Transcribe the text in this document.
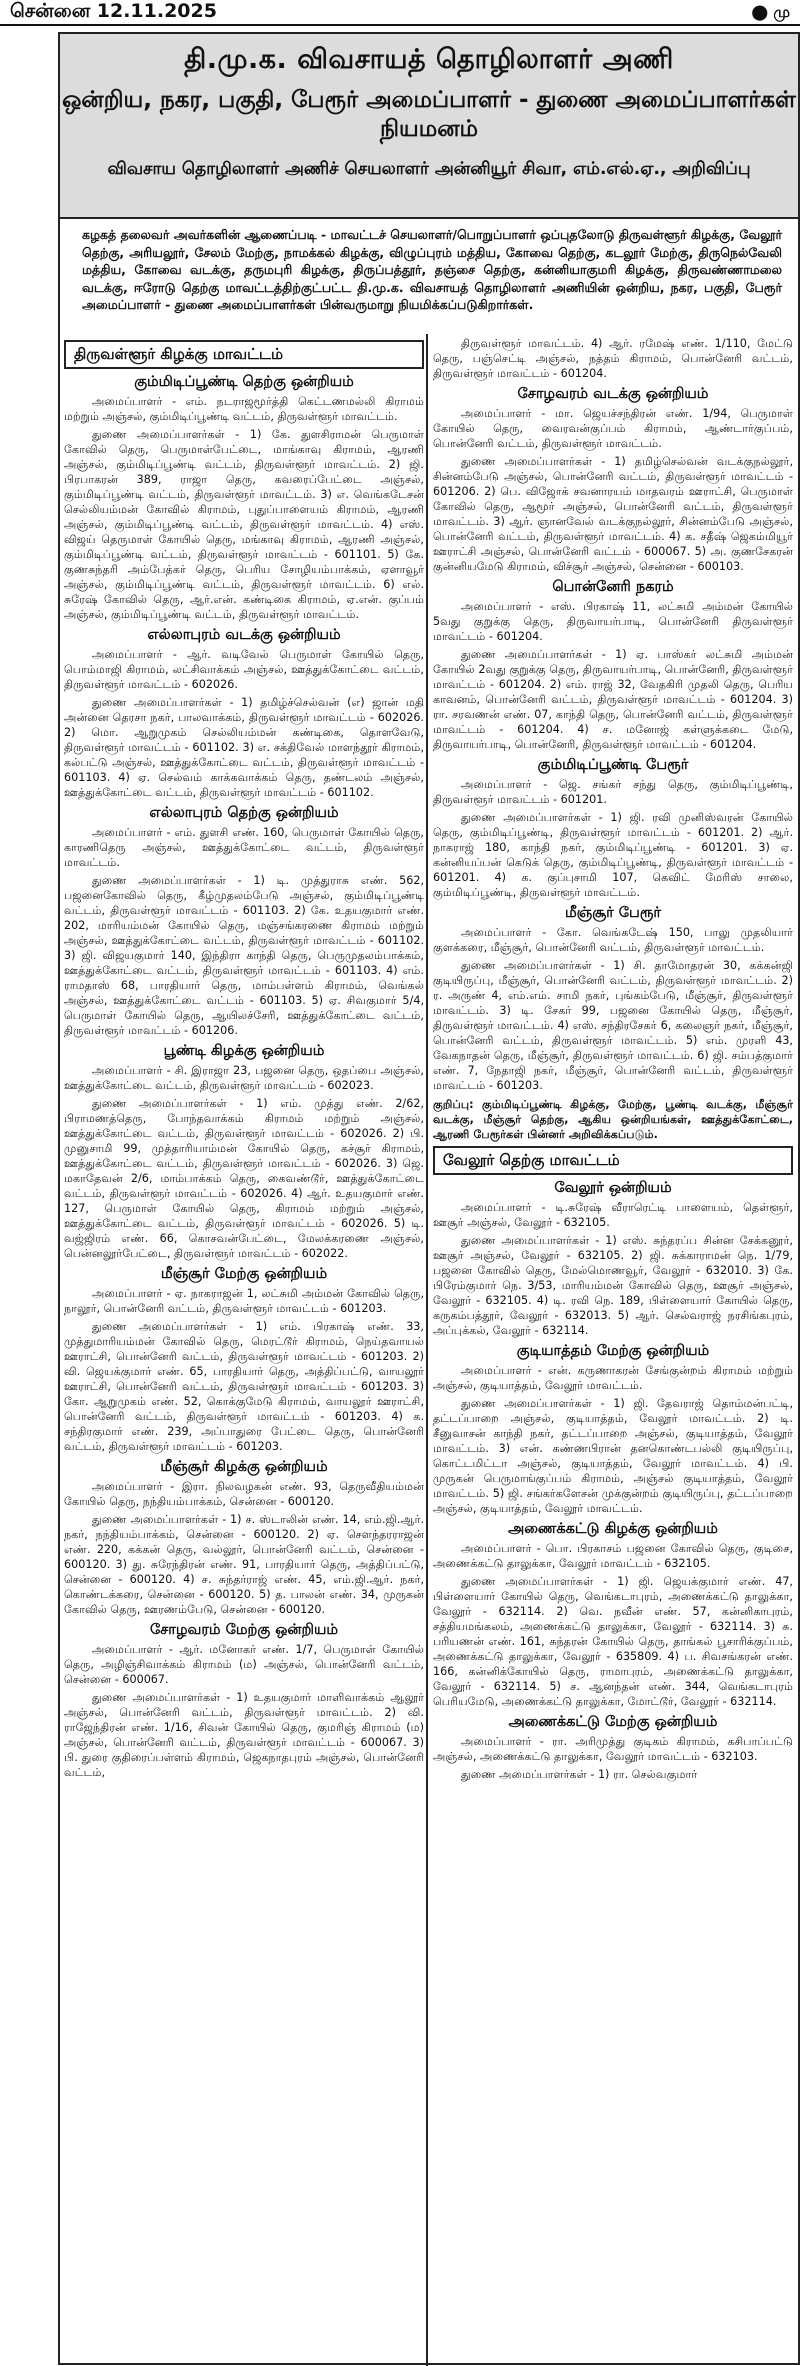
சென்னை 12.11.2025	⬤ மு
தி.மு.க. விவசாயத் தொழிலாளர் அணி
ஒன்றிய, நகர, பகுதி, பேரூர் அமைப்பாளர் - துணை அமைப்பாளர்கள் நியமனம்
விவசாய தொழிலாளர் அணிச் செயலாளர் அன்னியூர் சிவா, எம்.எல்.ஏ., அறிவிப்பு
கழகத் தலைவர் அவர்களின் ஆணைப்படி - மாவட்டச் செயலாளர்/பொறுப்பாளர் ஒப்புதலோடு திருவள்ளூர் கிழக்கு, வேலூர் தெற்கு, அரியலூர், சேலம் மேற்கு, நாமக்கல் கிழக்கு, விழுப்புரம் மத்திய, கோவை தெற்கு, கடலூர் மேற்கு, திருநெல்வேலி மத்திய, கோவை வடக்கு, தருமபுரி கிழக்கு, திருப்பத்தூர், தஞ்சை தெற்கு, கன்னியாகுமரி கிழக்கு, திருவண்ணாமலை வடக்கு, ஈரோடு தெற்கு மாவட்டத்திற்குட்பட்ட தி.மு.க. விவசாயத் தொழிலாளர் அணியின் ஒன்றிய, நகர, பகுதி, பேரூர் அமைப்பாளர் - துணை அமைப்பாளர்கள் பின்வருமாறு நியமிக்கப்படுகிறார்கள்.
திருவள்ளூர் கிழக்கு மாவட்டம்
கும்மிடிப்பூண்டி தெற்கு ஒன்றியம்

அமைப்பாளர் - எம். நடராஜமூர்த்தி கெட்டணமல்லி கிராமம் மற்றும் அஞ்சல், கும்மிடிப்பூண்டி வட்டம், திருவள்ளூர் மாவட்டம்.

துணை அமைப்பாளர்கள் - 1) கே. துளசிராமன் பெருமாள் கோவில் தெரு, பெருமாள்பேட்டை, மாங்காவு கிராமம், ஆரணி அஞ்சல், கும்மிடிப்பூண்டி வட்டம், திருவள்ளூர் மாவட்டம். 2) ஜி. பிரபாகரன் 389, ராஜா தெரு, கவரைப்பேட்டை அஞ்சல், கும்மிடிப்பூண்டி வட்டம், திருவள்ளூர் மாவட்டம். 3) எ. வெங்கடேசன் செல்லியம்மன் கோவில் கிராமம், புதுப்பாளையம் கிராமம், ஆரணி அஞ்சல், கும்மிடிப்பூண்டி வட்டம், திருவள்ளூர் மாவட்டம். 4) எஸ். விஜய் தெருமாள் கோயில் தெரு, மங்காவு கிராமம், ஆரணி அஞ்சல், கும்மிடிப்பூண்டி வட்டம், திருவள்ளூர் மாவட்டம் - 601101. 5) கே. குணசுந்தரி அம்பேத்கர் தெரு, பெரிய சோழியம்பாக்கம், ஏளாவூர் அஞ்சல், கும்மிடிப்பூண்டி வட்டம், திருவள்ளூர் மாவட்டம். 6) எல். சுரேஷ் கோவில் தெரு, ஆர்.என். கண்டிகை கிராமம், ஏ.என். குப்பம் அஞ்சல், கும்மிடிப்பூண்டி வட்டம், திருவள்ளூர் மாவட்டம்.

எல்லாபுரம் வடக்கு ஒன்றியம்

அமைப்பாளர் - ஆர். வடிவேல் பெருமாள் கோயில் தெரு, பொம்மாஜி கிராமம், லட்சிவாக்கம் அஞ்சல், ஊத்துக்கோட்டை வட்டம், திருவள்ளூர் மாவட்டம் - 602026.

துணை அமைப்பாளர்கள் - 1) தமிழ்ச்செல்வன் (எ) ஜான் மதி அன்னை தெரசா நகர், பாலவாக்கம், திருவள்ளூர் மாவட்டம் - 602026. 2) மொ. ஆறுமுகம் செல்லியம்மன் கண்டிகை, தொளவேடு, திருவள்ளூர் மாவட்டம் - 601102. 3) எ. சக்திவேல் மாளந்தூர் கிராமம், கல்பட்டு அஞ்சல், ஊத்துக்கோட்டை வட்டம், திருவள்ளூர் மாவட்டம் - 601103. 4) ஏ. செல்வம் காக்கவாக்கம் தெரு, தண்டலம் அஞ்சல், ஊத்துக்கோட்டை வட்டம், திருவள்ளூர் மாவட்டம் - 601102.

எல்லாபுரம் தெற்கு ஒன்றியம்

அமைப்பாளர் - எம். துளசி எண். 160, பெருமாள் கோயில் தெரு, காரணிதெரு அஞ்சல், ஊத்துக்கோட்டை வட்டம், திருவள்ளூர் மாவட்டம்.

துணை அமைப்பாளர்கள் - 1) டி. முத்துராசு எண். 562, பஜனைகோவில் தெரு, கீழ்முதலம்பேடு அஞ்சல், கும்மிடிப்பூண்டி வட்டம், திருவள்ளூர் மாவட்டம் - 601103. 2) கே. உதயகுமார் எண். 202, மாரியம்மன் கோயில் தெரு, மஞ்சங்கரணை கிராமம் மற்றும் அஞ்சல், ஊத்துக்கோட்டை வட்டம், திருவள்ளூர் மாவட்டம் - 601102. 3) ஜி. விஜயகுமார் 140, இந்திரா காந்தி தெரு, பெருமுதலம்பாக்கம், ஊத்துக்கோட்டை வட்டம், திருவள்ளூர் மாவட்டம் - 601103. 4) எம். ராமதாஸ் 68, பாரதியார் தெரு, மாம்பள்ளம் கிராமம், வெங்கல் அஞ்சல், ஊத்துக்கோட்டை வட்டம் - 601103. 5) ஏ. சிவகுமார் 5/4, பெருமாள் கோயில் தெரு, ஆயிலச்சேரி, ஊத்துக்கோட்டை வட்டம், திருவள்ளூர் மாவட்டம் - 601206.

பூண்டி கிழக்கு ஒன்றியம்

அமைப்பாளர் - சி. இராஜா 23, பஜனை தெரு, ஒதப்பை அஞ்சல், ஊத்துக்கோட்டை வட்டம், திருவள்ளூர் மாவட்டம் - 602023.

துணை அமைப்பாளர்கள் - 1) எம். முத்து எண். 2/62, பிராமணத்தெரு, போந்தவாக்கம் கிராமம் மற்றும் அஞ்சல், ஊத்துக்கோட்டை வட்டம், திருவள்ளூர் மாவட்டம் - 602026. 2) பி. முனுசாமி 99, முத்தாரியாம்மன் கோயில் தெரு, கச்சூர் கிராமம், ஊத்துக்கோட்டை வட்டம், திருவள்ளூர் மாவட்டம் - 602026. 3) ஜெ. மகாதேவன் 2/6, மாம்பாக்கம் தெரு, கைவண்டூர், ஊத்துக்கோட்டை வட்டம், திருவள்ளூர் மாவட்டம் - 602026. 4) ஆர். உதயகுமார் எண். 127, பெருமாள் கோயில் தெரு, கிராமம் மற்றும் அஞ்சல், ஊத்துக்கோட்டை வட்டம், திருவள்ளூர் மாவட்டம் - 602026. 5) டி. வஜ்ஜிரம் எண். 66, கொசவன்பேட்டை, மேலக்கரணை அஞ்சல், பென்னலூர்பேட்டை, திருவள்ளூர் மாவட்டம் - 602022.

மீஞ்சூர் மேற்கு ஒன்றியம்

அமைப்பாளர் - ஏ. நாகராஜன் 1, லட்சுமி அம்மன் கோவில் தெரு, நாலூர், பொன்னேரி வட்டம், திருவள்ளூர் மாவட்டம் - 601203.

துணை அமைப்பாளர்கள் - 1) எம். பிரகாஷ் எண். 33, முத்துமாரியம்மன் கோவில் தெரு, மெரட்டூர் கிராமம், நெய்தவாயல் ஊராட்சி, பொன்னேரி வட்டம், திருவள்ளூர் மாவட்டம் - 601203. 2) வி. ஜெயக்குமார் எண். 65, பாரதியார் தெரு, அத்திப்பட்டு, வாயலூர் ஊராட்சி, பொன்னேரி வட்டம், திருவள்ளூர் மாவட்டம் - 601203. 3) கோ. ஆறுமுகம் எண். 52, கொக்குமேடு கிராமம், வாயலூர் ஊராட்சி, பொன்னேரி வட்டம், திருவள்ளூர் மாவட்டம் - 601203. 4) க. சந்திரகுமார் எண். 239, அப்பாதுரை பேட்டை தெரு, பொன்னேரி வட்டம், திருவள்ளூர் மாவட்டம் - 601203.

மீஞ்சூர் கிழக்கு ஒன்றியம்

அமைப்பாளர் - இரா. நிலவழகன் எண். 93, தெருவீதியம்மன் கோயில் தெரு, நந்தியம்பாக்கம், சென்னை - 600120.

துணை அமைப்பாளர்கள் - 1) ச. ஸ்டாலின் எண். 14, எம்.ஜி.ஆர். நகர், நந்தியம்பாக்கம், சென்னை - 600120. 2) ஏ. சௌந்தரராஜன் எண். 220, கக்கன் தெரு, வல்லூர், பொன்னேரி வட்டம், சென்னை - 600120. 3) து. சுரேந்திரன் எண். 91, பாரதியார் தெரு, அத்திப்பட்டு, சென்னை - 600120. 4) ச. சுந்தர்ராஜ் எண். 45, எம்.ஜி.ஆர். நகர், கொண்டக்கரை, சென்னை - 600120. 5) த. பாலன் எண். 34, முருகன் கோவில் தெரு, ஊரணம்பேடு, சென்னை - 600120.

சோழவரம் மேற்கு ஒன்றியம்

அமைப்பாளர் - ஆர். மனோகர் எண். 1/7, பெருமாள் கோயில் தெரு, அழிஞ்சிவாக்கம் கிராமம் (ம) அஞ்சல், பொன்னேரி வட்டம், சென்னை - 600067.

துணை அமைப்பாளர்கள் - 1) உதயகுமார் மாளிவாக்கம் ஆலூர் அஞ்சல், பொன்னேரி வட்டம், திருவள்ளூர் மாவட்டம். 2) வி. ராஜேந்திரன் எண். 1/16, சிவன் கோயில் தெரு, குமரிஞ் கிராமம் (ம) அஞ்சல், பொன்னேரி வட்டம், திருவள்ளூர் மாவட்டம் - 600067. 3) பி. துரை குதிரைப்பள்ளம் கிராமம், ஜெகநாதபுரம் அஞ்சல், பொன்னேரி வட்டம்,

திருவள்ளூர் மாவட்டம். 4) ஆர். ரமேஷ் எண். 1/110, மேட்டு தெரு, பஞ்செட்டி அஞ்சல், நத்தம் கிராமம், பொன்னேரி வட்டம், திருவள்ளூர் மாவட்டம் - 601204.

சோழவரம் வடக்கு ஒன்றியம்

அமைப்பாளர் - மா. ஜெயச்சந்திரன் எண். 1/94, பெருமாள் கோயில் தெரு, வைரவன்குப்பம் கிராமம், ஆண்டார்குப்பம், பொன்னேரி வட்டம், திருவள்ளூர் மாவட்டம்.

துணை அமைப்பாளர்கள் - 1) தமிழ்செல்வன் வடக்குநல்லூர், சின்னம்பேடு அஞ்சல், பொன்னேரி வட்டம், திருவள்ளூர் மாவட்டம் - 601206. 2) பெ. விஜோக் சவனாரயம் மாதவரம் ஊராட்சி, பெருமாள் கோவில் தெரு, ஆமூர் அஞ்சல், பொன்னேரி வட்டம், திருவள்ளூர் மாவட்டம். 3) ஆர். ஞானவேல் வடக்குநல்லூர், சின்னம்பேடு அஞ்சல், பொன்னேரி வட்டம், திருவள்ளூர் மாவட்டம். 4) க. சதீஷ் ஜெகம்மியூர் ஊராட்சி அஞ்சல், பொன்னேரி வட்டம் - 600067. 5) அ. குணசேகரன் குன்னியமேடு கிராமம், விச்சூர் அஞ்சல், சென்னை - 600103.

பொன்னேரி நகரம்

அமைப்பாளர் - எஸ். பிரகாஷ் 11, லட்சுமி அம்மன் கோயில் 5வது குறுக்கு தெரு, திருவாயர்பாடி, பொன்னேரி திருவள்ளூர் மாவட்டம் - 601204.

துணை அமைப்பாளர்கள் - 1) ஏ. பாஸ்கர் லட்சுமி அம்மன் கோயில் 2வது குறுக்கு தெரு, திருவாயர்பாடி, பொன்னேரி, திருவள்ளூர் மாவட்டம் - 601204. 2) எம். ராஜ் 32, வேதகிரி முதலி தெரு, பெரிய காவனம், பொன்னேரி வட்டம், திருவள்ளூர் மாவட்டம் - 601204. 3) ரா. சரவணன் எண். 07, காந்தி தெரு, பொன்னேரி வட்டம், திருவள்ளூர் மாவட்டம் - 601204. 4) ச. மனோஜ் கள்ளுக்கடை மேடு, திருவாயர்பாடி, பொன்னேரி, திருவள்ளூர் மாவட்டம் - 601204.

கும்மிடிப்பூண்டி பேரூர்

அமைப்பாளர் - ஜெ. சங்கர் சந்து தெரு, கும்மிடிப்பூண்டி, திருவள்ளூர் மாவட்டம் - 601201.

துணை அமைப்பாளர்கள் - 1) ஜி. ரவி முனிஸ்வரன் கோயில் தெரு, கும்மிடிப்பூண்டி, திருவள்ளூர் மாவட்டம் - 601201. 2) ஆர். நாகராஜ் 180, காந்தி நகர், கும்மிடிப்பூண்டி - 601201. 3) ஏ. கன்னியப்பன் கெடுக் தெரு, கும்மிடிப்பூண்டி, திருவள்ளூர் மாவட்டம் - 601201. 4) க. குப்புசாமி 107, கெவிட் மேரிஸ் சாலை, கும்மிடிப்பூண்டி, திருவள்ளூர் மாவட்டம்.

மீஞ்சூர் பேரூர்

அமைப்பாளர் - கோ. வெங்கடேஷ் 150, பாலு முதலியார் குளக்கரை, மீஞ்சூர், பொன்னேரி வட்டம், திருவள்ளூர் மாவட்டம்.

துணை அமைப்பாளர்கள் - 1) சி. தாமோதரன் 30, கக்கன்ஜி குடியிருப்பு, மீஞ்சூர், பொன்னேரி வட்டம், திருவள்ளூர் மாவட்டம். 2) ர. அருண் 4, எம்.எம். சாமி நகர், புங்கம்பேடு, மீஞ்சூர், திருவள்ளூர் மாவட்டம். 3) டி. சேகர் 99, பஜனை கோயில் தெரு, மீஞ்சூர், திருவள்ளூர் மாவட்டம். 4) எஸ். சந்திரசேகர் 6, கலைஞர் நகர், மீஞ்சூர், பொன்னேரி வட்டம், திருவள்ளூர் மாவட்டம். 5) எம். முரளி 43, வேகநாதன் தெரு, மீஞ்சூர், திருவள்ளூர் மாவட்டம். 6) ஜி. சம்பத்குமார் எண். 7, நேதாஜி நகர், மீஞ்சூர், பொன்னேரி வட்டம், திருவள்ளூர் மாவட்டம் - 601203.

குறிப்பு: கும்மிடிப்பூண்டி கிழக்கு, மேற்கு, பூண்டி வடக்கு, மீஞ்சூர் வடக்கு, மீஞ்சூர் தெற்கு, ஆகிய ஒன்றியங்கள், ஊத்துக்கோட்டை, ஆரணி பேரூர்கள் பின்னர் அறிவிக்கப்படும்.

வேலூர் தெற்கு மாவட்டம்
வேலூர் ஒன்றியம்

அமைப்பாளர் - டி.சுரேஷ் வீராரெட்டி பாளையம், தெள்ளூர், ஊசூர் அஞ்சல், வேலூர் - 632105.

துணை அமைப்பாளர்கள் - 1) எஸ். சுந்தரப்ப சின்ன சேக்கனூர், ஊசூர் அஞ்சல், வேலூர் - 632105. 2) ஜி. சுக்காராமன் நெ. 1/79, பஜனை கோவில் தெரு, மேல்மொணவூர், வேலூர் - 632010. 3) கே. பிரேம்குமார் நெ. 3/53, மாரியம்மன் கோவில் தெரு, ஊசூர் அஞ்சல், வேலூர் - 632105. 4) டி. ரவி நெ. 189, பிள்ளையார் கோயில் தெரு, கருகம்பத்தூர், வேலூர் - 632013. 5) ஆர். செல்வராஜ் நரசிங்கபுரம், அப்புக்கல், வேலூர் - 632114.

குடியாத்தம் மேற்கு ஒன்றியம்

அமைப்பாளர் - என். கருணாகரன் சேங்குன்றம் கிராமம் மற்றும் அஞ்சல், குடியாத்தம், வேலூர் மாவட்டம்.

துணை அமைப்பாளர்கள் - 1) ஜி. தேவராஜ் தொம்மன்பட்டி, தட்டப்பாறை அஞ்சல், குடியாத்தம், வேலூர் மாவட்டம். 2) டி. சீனுவாசன் காந்தி நகர், தட்டப்பாறை அஞ்சல், குடியாத்தம், வேலூர் மாவட்டம். 3) என். கண்ணபிரான் தனகொண்டபல்லி குடியிருப்பு, கொட்டமிட்டா அஞ்சல், குடியாத்தம், வேலூர் மாவட்டம். 4) பி. முருகன் பெருமாங்குப்பம் கிராமம், அஞ்சல் குடியாத்தம், வேலூர் மாவட்டம். 5) ஜி. சங்கர்களேசன் முக்குன்றம் குடியிருப்பு, தட்டப்பாறை அஞ்சல், குடியாத்தம், வேலூர் மாவட்டம்.

அணைக்கட்டு கிழக்கு ஒன்றியம்

அமைப்பாளர் - பொ. பிரகாசம் பஜனை கோவில் தெரு, குடிசை, அணைக்கட்டு தாலுக்கா, வேலூர் மாவட்டம் - 632105.

துணை அமைப்பாளர்கள் - 1) ஜி. ஜெயக்குமார் எண். 47, பிள்ளையார் கோயில் தெரு, வெங்கடாபுரம், அணைக்கட்டு தாலுக்கா, வேலூர் - 632114. 2) வெ. நவீன் எண். 57, கன்னிகாபுரம், சத்தியமங்கலம், அணைக்கட்டு தாலுக்கா, வேலூர் - 632114. 3) சு. பரியணன் எண். 161, சுந்தரன் கோயில் தெரு, தாங்கல் பூசாரிக்குப்பம், அணைக்கட்டு தாலுக்கா, வேலூர் - 635809. 4) ப. சிவசங்கரன் எண். 166, கன்னிக்கோயில் தெரு, ராமாபுரம், அணைக்கட்டு தாலுக்கா, வேலூர் - 632114. 5) ச. ஆனந்தன் எண். 344, வெங்கடாபுரம் பெரியமேடு, அணைக்கட்டு தாலுக்கா, மோட்டூர், வேலூர் - 632114.

அணைக்கட்டு மேற்கு ஒன்றியம்

அமைப்பாளர் - ரா. அரிமுத்து குடிகம் கிராமம், கசிபாப்பட்டு அஞ்சல், அணைக்கட்டு தாலுக்கா, வேலூர் மாவட்டம் - 632103.

துணை அமைப்பாளர்கள் - 1) ரா. செல்வகுமார்
